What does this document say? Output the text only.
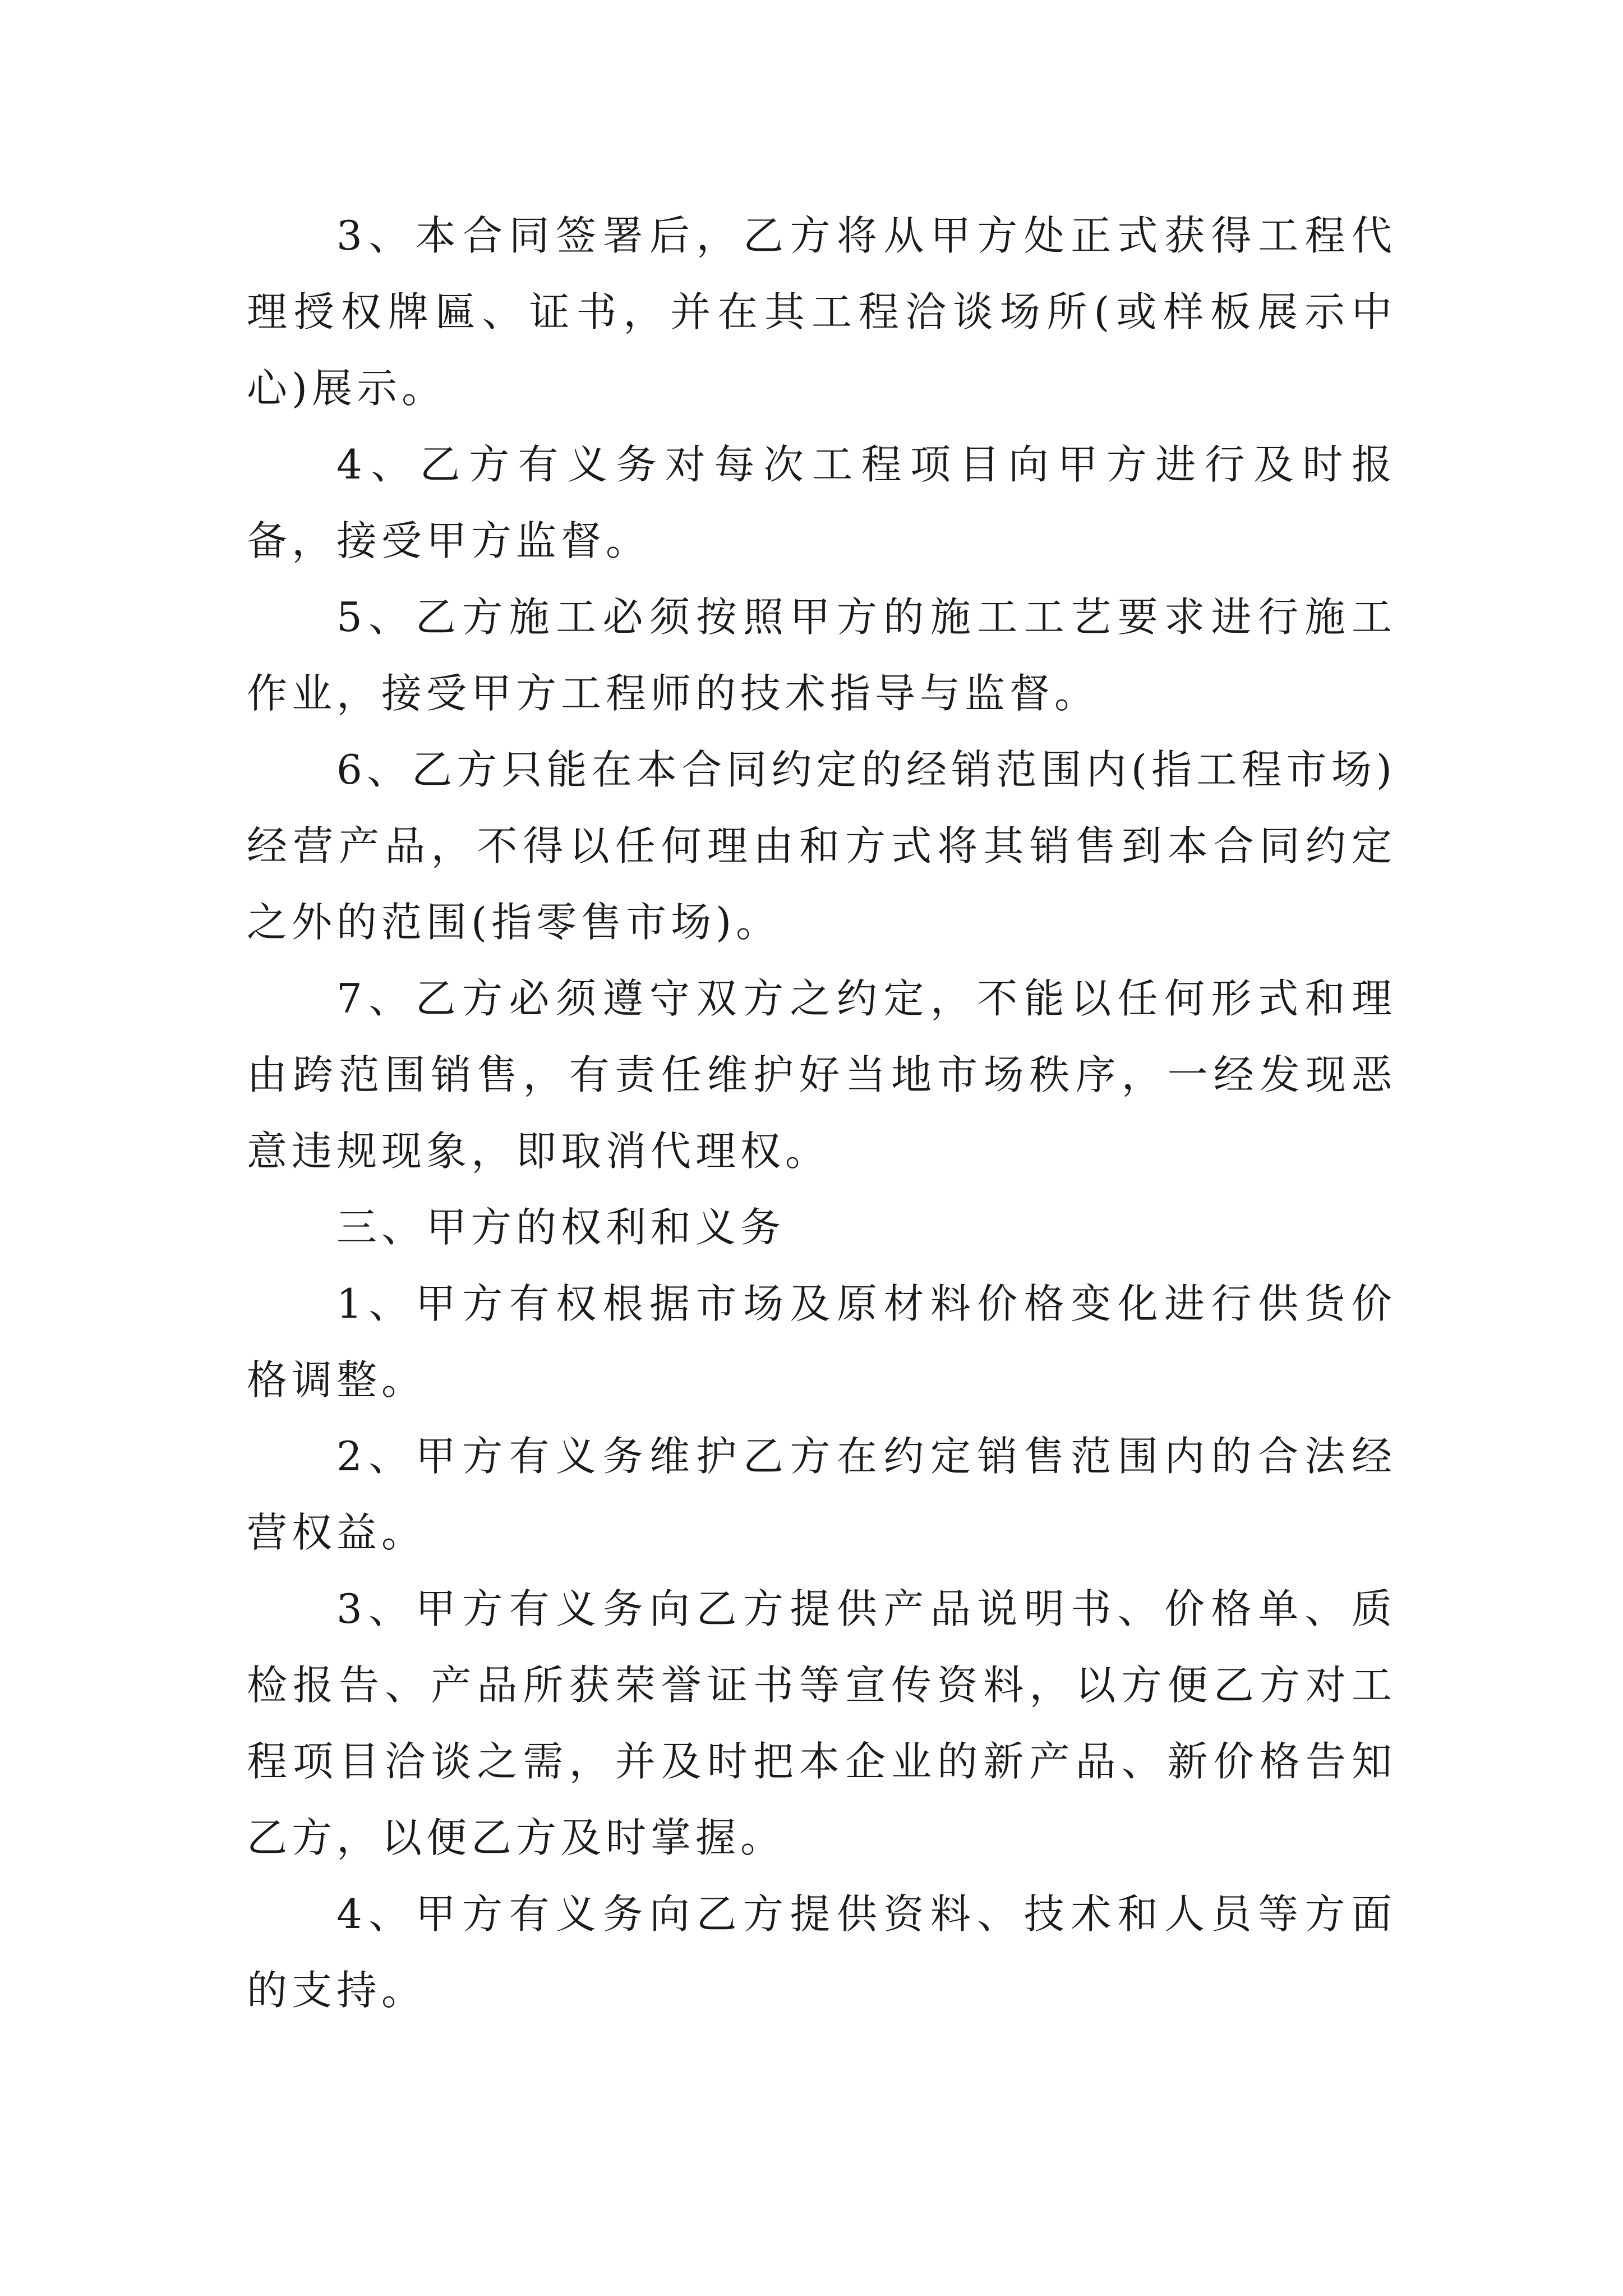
3、本合同签署后，乙方将从甲方处正式获得工程代理授权牌匾、证书，并在其工程洽谈场所(或样板展示中心)展示。

4、乙方有义务对每次工程项目向甲方进行及时报备，接受甲方监督。

5、乙方施工必须按照甲方的施工工艺要求进行施工作业，接受甲方工程师的技术指导与监督。

6、乙方只能在本合同约定的经销范围内(指工程市场)经营产品，不得以任何理由和方式将其销售到本合同约定之外的范围(指零售市场)。

7、乙方必须遵守双方之约定，不能以任何形式和理由跨范围销售，有责任维护好当地市场秩序，一经发现恶意违规现象，即取消代理权。

三、甲方的权利和义务

1、甲方有权根据市场及原材料价格变化进行供货价格调整。

2、甲方有义务维护乙方在约定销售范围内的合法经营权益。

3、甲方有义务向乙方提供产品说明书、价格单、质检报告、产品所获荣誉证书等宣传资料，以方便乙方对工程项目洽谈之需，并及时把本企业的新产品、新价格告知乙方，以便乙方及时掌握。

4、甲方有义务向乙方提供资料、技术和人员等方面的支持。
